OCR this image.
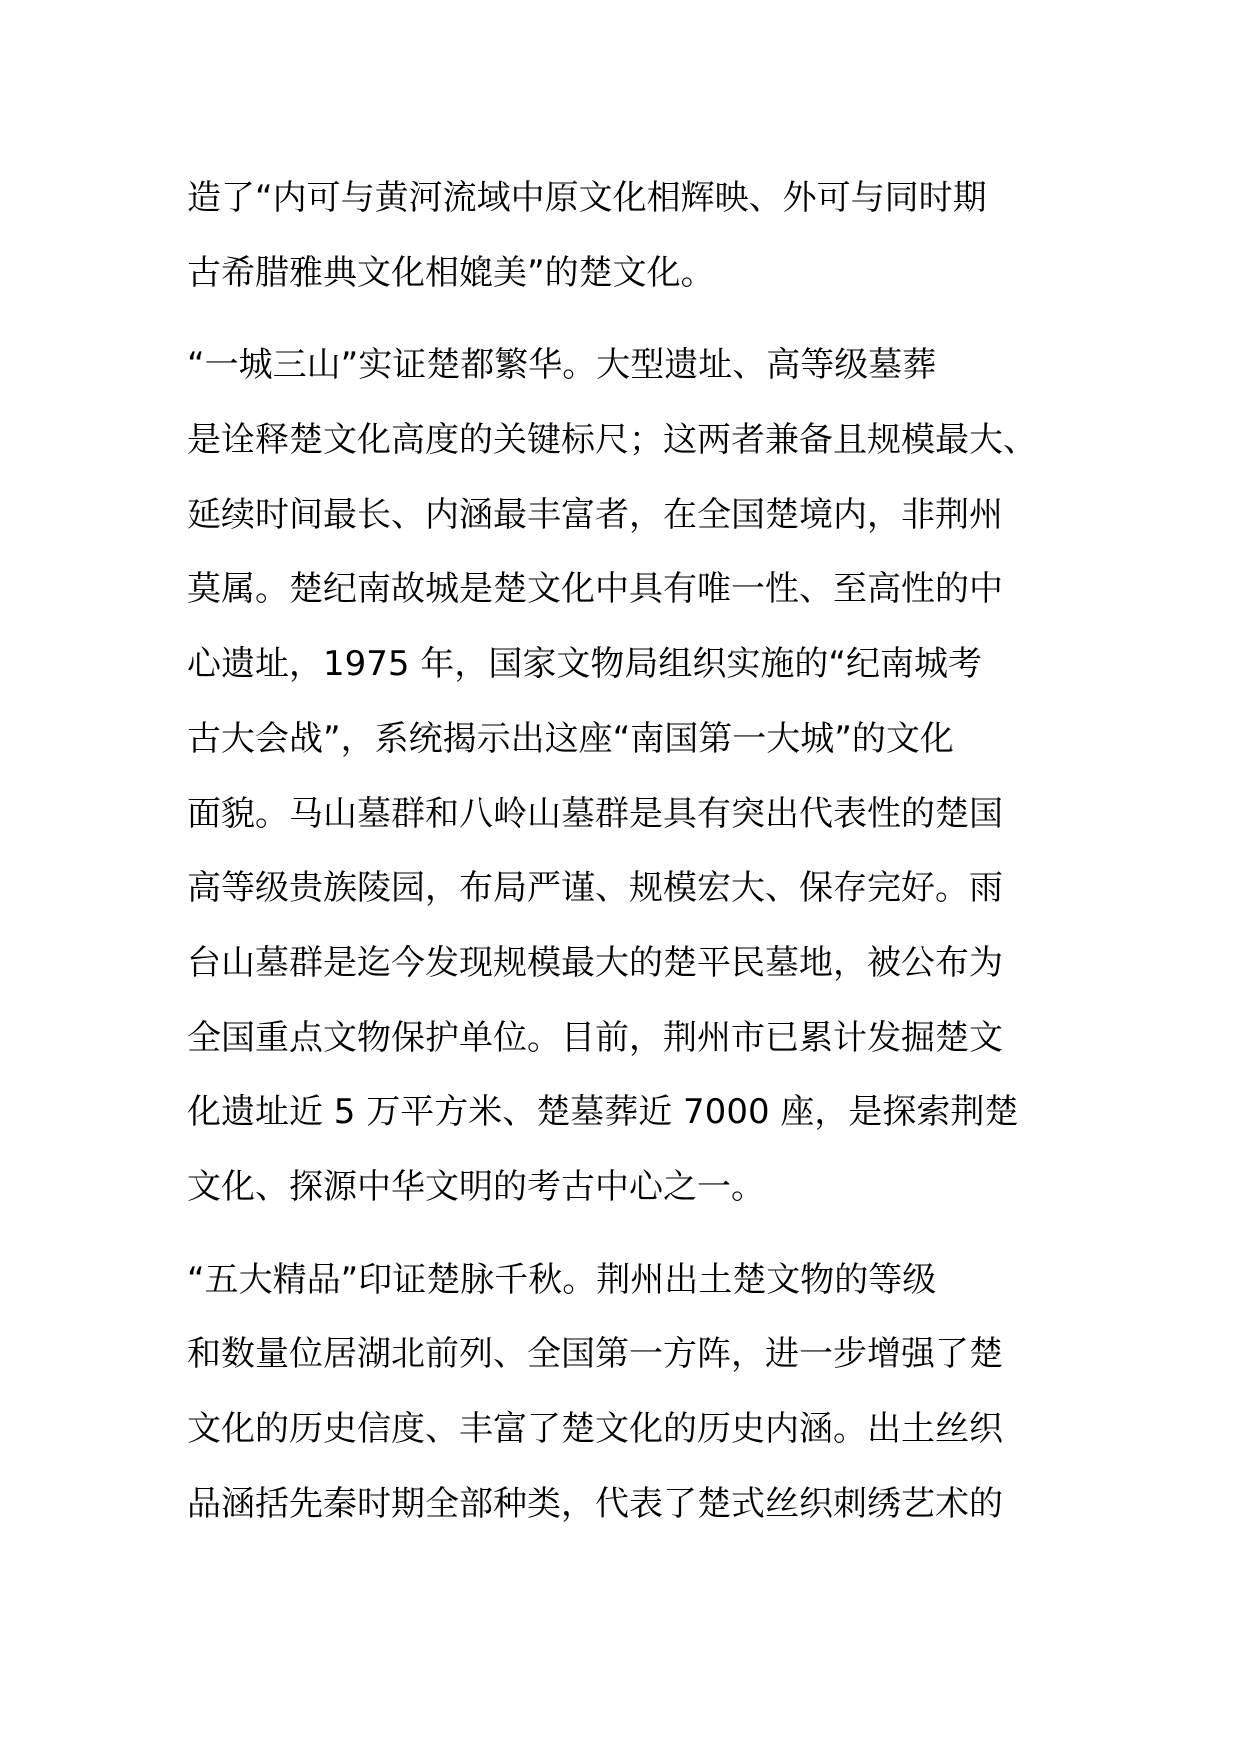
造了“内可与黄河流域中原文化相辉映、外可与同时期
古希腊雅典文化相媲美”的楚文化。
“一城三山”实证楚都繁华。大型遗址、高等级墓葬
是诠释楚文化高度的关键标尺；这两者兼备且规模最大、
延续时间最长、内涵最丰富者，在全国楚境内，非荆州
莫属。楚纪南故城是楚文化中具有唯一性、至高性的中
心遗址，1975 年，国家文物局组织实施的“纪南城考
古大会战”，系统揭示出这座“南国第一大城”的文化
面貌。马山墓群和八岭山墓群是具有突出代表性的楚国
高等级贵族陵园，布局严谨、规模宏大、保存完好。雨
台山墓群是迄今发现规模最大的楚平民墓地，被公布为
全国重点文物保护单位。目前，荆州市已累计发掘楚文
化遗址近 5 万平方米、楚墓葬近 7000 座，是探索荆楚
文化、探源中华文明的考古中心之一。
“五大精品”印证楚脉千秋。荆州出土楚文物的等级
和数量位居湖北前列、全国第一方阵，进一步增强了楚
文化的历史信度、丰富了楚文化的历史内涵。出土丝织
品涵括先秦时期全部种类，代表了楚式丝织刺绣艺术的
